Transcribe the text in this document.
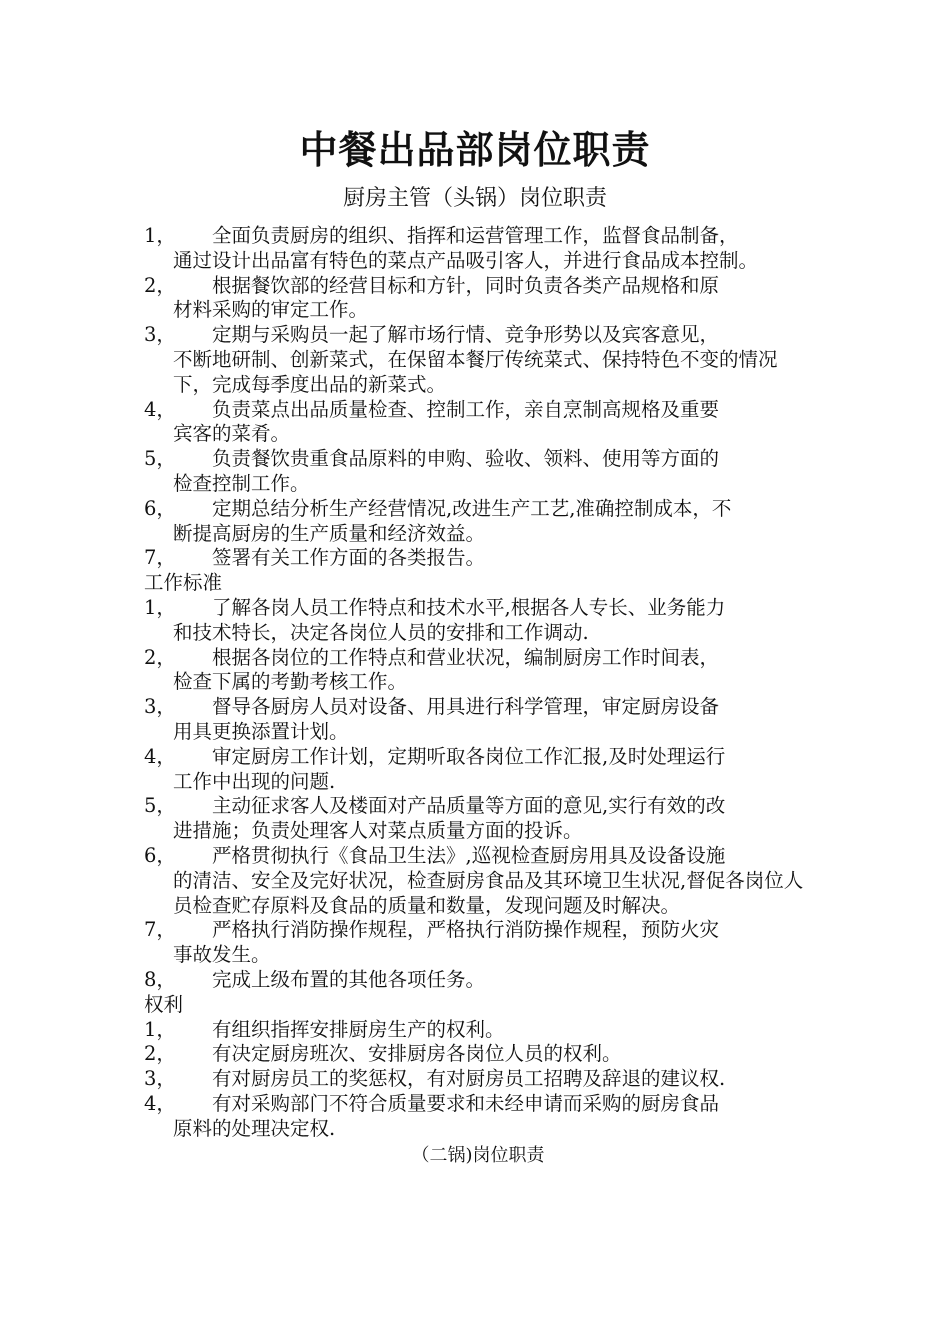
中餐出品部岗位职责
厨房主管（头锅）岗位职责
1，	全面负责厨房的组织、指挥和运营管理工作，监督食品制备，
通过设计出品富有特色的菜点产品吸引客人，并进行食品成本控制。
2，	根据餐饮部的经营目标和方针，同时负责各类产品规格和原
材料采购的审定工作。
3，	定期与采购员一起了解市场行情、竞争形势以及宾客意见，
不断地研制、创新菜式，在保留本餐厅传统菜式、保持特色不变的情况下，完成每季度出品的新菜式。
4，	负责菜点出品质量检查、控制工作，亲自烹制高规格及重要
宾客的菜肴。
5，	负责餐饮贵重食品原料的申购、验收、领料、使用等方面的
检查控制工作。
6，	定期总结分析生产经营情况,改进生产工艺,准确控制成本，不
断提高厨房的生产质量和经济效益。
7，	签署有关工作方面的各类报告。
工作标准
1，	了解各岗人员工作特点和技术水平,根据各人专长、业务能力
和技术特长，决定各岗位人员的安排和工作调动.
2，	根据各岗位的工作特点和营业状况，编制厨房工作时间表，
检查下属的考勤考核工作。
3，	督导各厨房人员对设备、用具进行科学管理，审定厨房设备
用具更换添置计划。
4，	审定厨房工作计划，定期听取各岗位工作汇报,及时处理运行
工作中出现的问题.
5，	主动征求客人及楼面对产品质量等方面的意见,实行有效的改
进措施；负责处理客人对菜点质量方面的投诉。
6，	严格贯彻执行《食品卫生法》,巡视检查厨房用具及设备设施
的清洁、安全及完好状况，检查厨房食品及其环境卫生状况,督促各岗位人员检查贮存原料及食品的质量和数量，发现问题及时解决。
7，	严格执行消防操作规程，严格执行消防操作规程，预防火灾
事故发生。
8，	完成上级布置的其他各项任务。
权利
1，	有组织指挥安排厨房生产的权利。
2，	有决定厨房班次、安排厨房各岗位人员的权利。
3，	有对厨房员工的奖惩权，有对厨房员工招聘及辞退的建议权.
4，	有对采购部门不符合质量要求和未经申请而采购的厨房食品
原料的处理决定权.
（二锅)岗位职责
